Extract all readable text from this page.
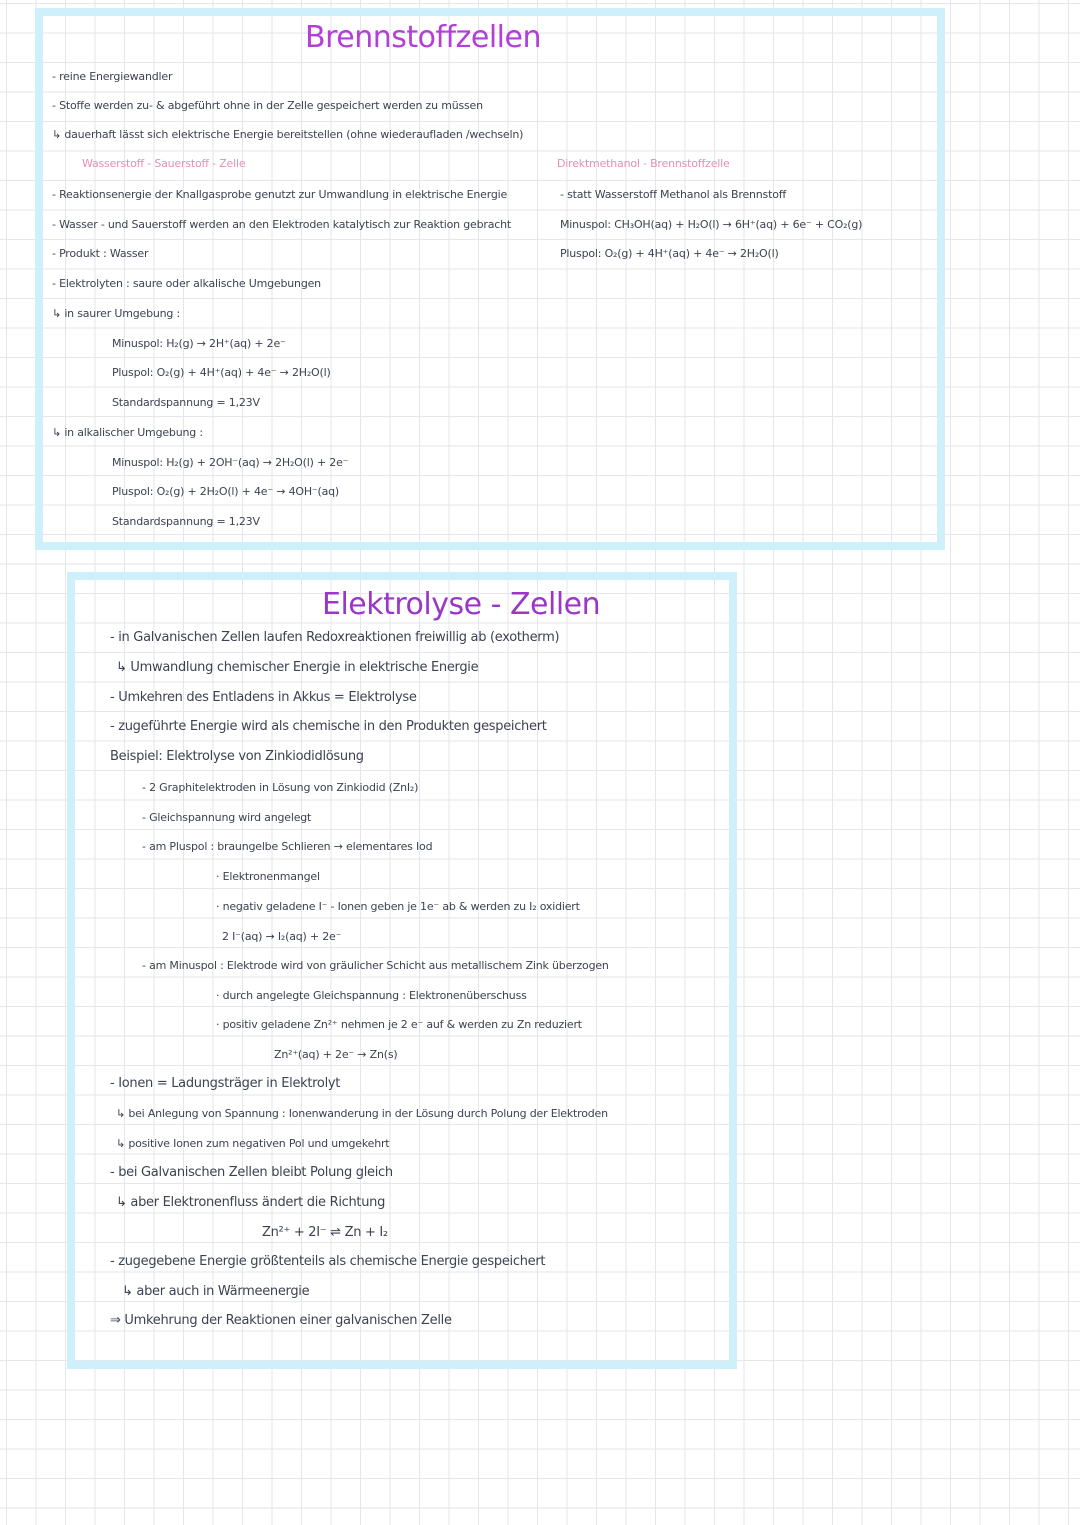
Brennstoffzellen
- reine Energiewandler
- Stoffe werden zu- & abgeführt ohne in der Zelle gespeichert werden zu müssen
↳ dauerhaft lässt sich elektrische Energie bereitstellen (ohne wiederaufladen /wechseln)
Wasserstoff - Sauerstoff - Zelle
- Reaktionsenergie der Knallgasprobe genutzt zur Umwandlung in elektrische Energie
- Wasser - und Sauerstoff werden an den Elektroden katalytisch zur Reaktion gebracht
- Produkt : Wasser
- Elektrolyten : saure oder alkalische Umgebungen
↳ in saurer Umgebung :
Minuspol: H₂(g) → 2H⁺(aq) + 2e⁻
Pluspol: O₂(g) + 4H⁺(aq) + 4e⁻ → 2H₂O(l)
Standardspannung = 1,23V
↳ in alkalischer Umgebung :
Minuspol: H₂(g) + 2OH⁻(aq) → 2H₂O(l) + 2e⁻
Pluspol: O₂(g) + 2H₂O(l) + 4e⁻ → 4OH⁻(aq)
Standardspannung = 1,23V
Direktmethanol - Brennstoffzelle
- statt Wasserstoff Methanol als Brennstoff
Minuspol: CH₃OH(aq) + H₂O(l) → 6H⁺(aq) + 6e⁻ + CO₂(g)
Pluspol: O₂(g) + 4H⁺(aq) + 4e⁻ → 2H₂O(l)
Elektrolyse - Zellen
- in Galvanischen Zellen laufen Redoxreaktionen freiwillig ab (exotherm)
↳ Umwandlung chemischer Energie in elektrische Energie
- Umkehren des Entladens in Akkus = Elektrolyse
- zugeführte Energie wird als chemische in den Produkten gespeichert
Beispiel: Elektrolyse von Zinkiodidlösung
- 2 Graphitelektroden in Lösung von Zinkiodid (ZnI₂)
- Gleichspannung wird angelegt
- am Pluspol : braungelbe Schlieren → elementares Iod
· Elektronenmangel
· negativ geladene I⁻ - Ionen geben je 1e⁻ ab & werden zu I₂ oxidiert
2 I⁻(aq) → I₂(aq) + 2e⁻
- am Minuspol : Elektrode wird von gräulicher Schicht aus metallischem Zink überzogen
· durch angelegte Gleichspannung : Elektronenüberschuss
· positiv geladene Zn²⁺ nehmen je 2 e⁻ auf & werden zu Zn reduziert
Zn²⁺(aq) + 2e⁻ → Zn(s)
- Ionen = Ladungsträger in Elektrolyt
↳ bei Anlegung von Spannung : Ionenwanderung in der Lösung durch Polung der Elektroden
↳ positive Ionen zum negativen Pol und umgekehrt
- bei Galvanischen Zellen bleibt Polung gleich
↳ aber Elektronenfluss ändert die Richtung
Zn²⁺ + 2I⁻ ⇌ Zn + I₂
- zugegebene Energie größtenteils als chemische Energie gespeichert
↳ aber auch in Wärmeenergie
⇒ Umkehrung der Reaktionen einer galvanischen Zelle
